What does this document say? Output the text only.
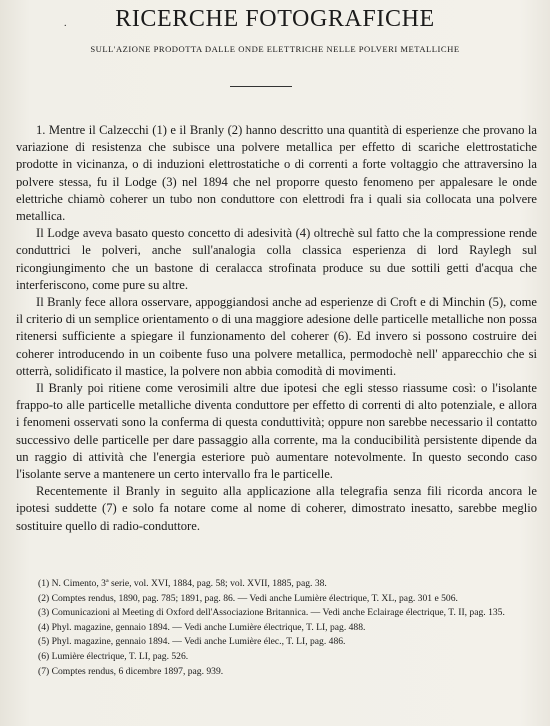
.	RICERCHE FOTOGRAFICHE
SULL'AZIONE PRODOTTA DALLE ONDE ELETTRICHE NELLE POLVERI METALLICHE

1. Mentre il Calzecchi (1) e il Branly (2) hanno descritto una quantità di esperienze che provano la variazione di resistenza che subisce una polvere metallica per effetto di scariche elettrostatiche prodotte in vicinanza, o di induzioni elettrostatiche o di correnti a forte voltaggio che attraversino la polvere stessa, fu il Lodge (3) nel 1894 che nel proporre questo fenomeno per appalesare le onde elettriche chiamò coherer un tubo non conduttore con elettrodi fra i quali sia collocata una polvere metallica.

Il Lodge aveva basato questo concetto di adesività (4) oltrechè sul fatto che la compressione rende conduttrici le polveri, anche sull'analogia colla classica esperienza di lord Raylegh sul ricongiungimento che un bastone di ceralacca strofinata produce su due sottili getti d'acqua che interferiscono, come pure su altre.

Il Branly fece allora osservare, appoggiandosi anche ad esperienze di Croft e di Minchin (5), come il criterio di un semplice orientamento o di una maggiore adesione delle particelle metalliche non possa ritenersi sufficiente a spiegare il funzionamento del coherer (6). Ed invero si possono costruire dei coherer introducendo in un coibente fuso una polvere metallica, permodochè nell' apparecchio che si otterrà, solidificato il mastice, la polvere non abbia comodità di movimenti.

Il Branly poi ritiene come verosimili altre due ipotesi che egli stesso riassume così: o l'isolante frappo-to alle particelle metalliche diventa conduttore per effetto di correnti di alto potenziale, e allora i fenomeni osservati sono la conferma di questa conduttività; oppure non sarebbe necessario il contatto successivo delle particelle per dare passaggio alla corrente, ma la conducibilità persistente dipende da un raggio di attività che l'energia esteriore può aumentare notevolmente. In questo secondo caso l'isolante serve a mantenere un certo intervallo fra le particelle.

Recentemente il Branly in seguito alla applicazione alla telegrafia senza fili ricorda ancora le ipotesi suddette (7) e solo fa notare come al nome di coherer, dimostrato inesatto, sarebbe meglio sostituire quello di radio-conduttore.

(1) N. Cimento, 3ª serie, vol. XVI, 1884, pag. 58; vol. XVII, 1885, pag. 38.

(2) Comptes rendus, 1890, pag. 785; 1891, pag. 86. — Vedi anche Lumière électrique, T. XL, pag. 301 e 506.

(3) Comunicazioni al Meeting di Oxford dell'Associazione Britannica. — Vedi anche Eclairage électrique, T. II, pag. 135.

(4) Phyl. magazine, gennaio 1894. — Vedi anche Lumière électrique, T. LI, pag. 488.

(5) Phyl. magazine, gennaio 1894. — Vedi anche Lumière élec., T. LI, pag. 486.

(6) Lumière électrique, T. LI, pag. 526.

(7) Comptes rendus, 6 dicembre 1897, pag. 939.
